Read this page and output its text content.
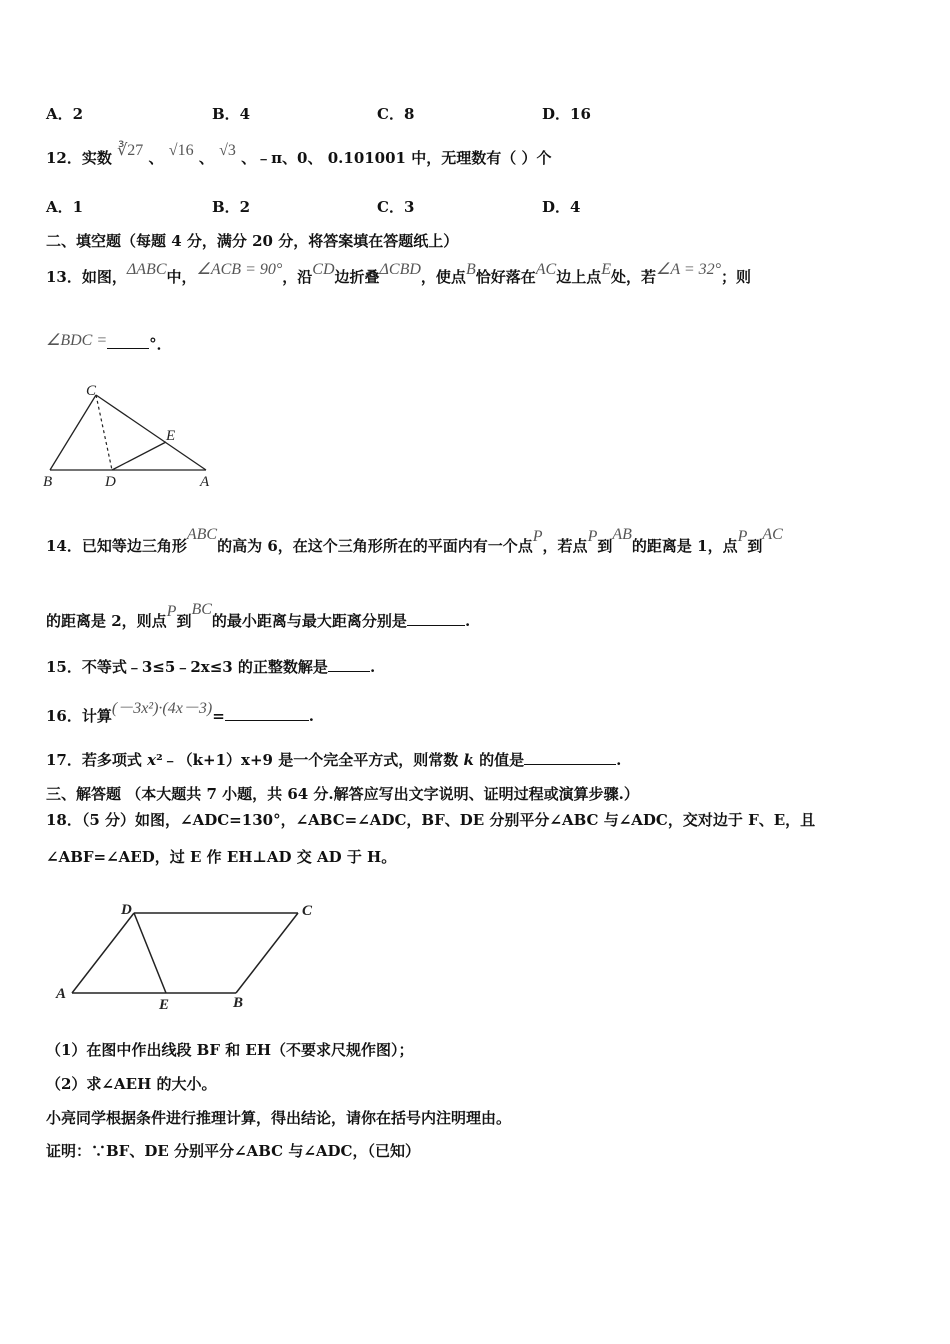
A．2	B．4	C．8	D．16
12．实数 ∛27 、 √16 、 √3 、﹣π、0、 0.101001 中，无理数有（ ）个
A．1	B．2	C．3	D．4
二、填空题（每题 4 分，满分 20 分，将答案填在答题纸上）
13．如图，ΔABC中，∠ACB = 90°，沿CD边折叠ΔCBD，使点B恰好落在AC边上点E处，若∠A = 32°；则
∠BDC =	°．
B	D	A
C
E
14．已知等边三角形ABC的高为 6，在这个三角形所在的平面内有一个点P，若点P到AB的距离是 1，点P到AC
的距离是 2，则点P到BC的最小距离与最大距离分别是	.
15．不等式﹣3≤5﹣2x≤3 的正整数解是	.
16．计算(－3x²)·(4x－3)=	.
17．若多项式 x²﹣（k+1）x+9 是一个完全平方式，则常数 k 的值是	.
三、解答题 （本大题共 7 小题，共 64 分.解答应写出文字说明、证明过程或演算步骤.）
18．（5 分）如图，∠ADC=130°，∠ABC=∠ADC，BF、DE 分别平分∠ABC 与∠ADC，交对边于 F、E，且
∠ABF=∠AED，过 E 作 EH⊥AD 交 AD 于 H。
D	C
A
E	B
（1）在图中作出线段 BF 和 EH（不要求尺规作图）；
（2）求∠AEH 的大小。
小亮同学根据条件进行推理计算，得出结论，请你在括号内注明理由。
证明：∵BF、DE 分别平分∠ABC 与∠ADC，（已知）
